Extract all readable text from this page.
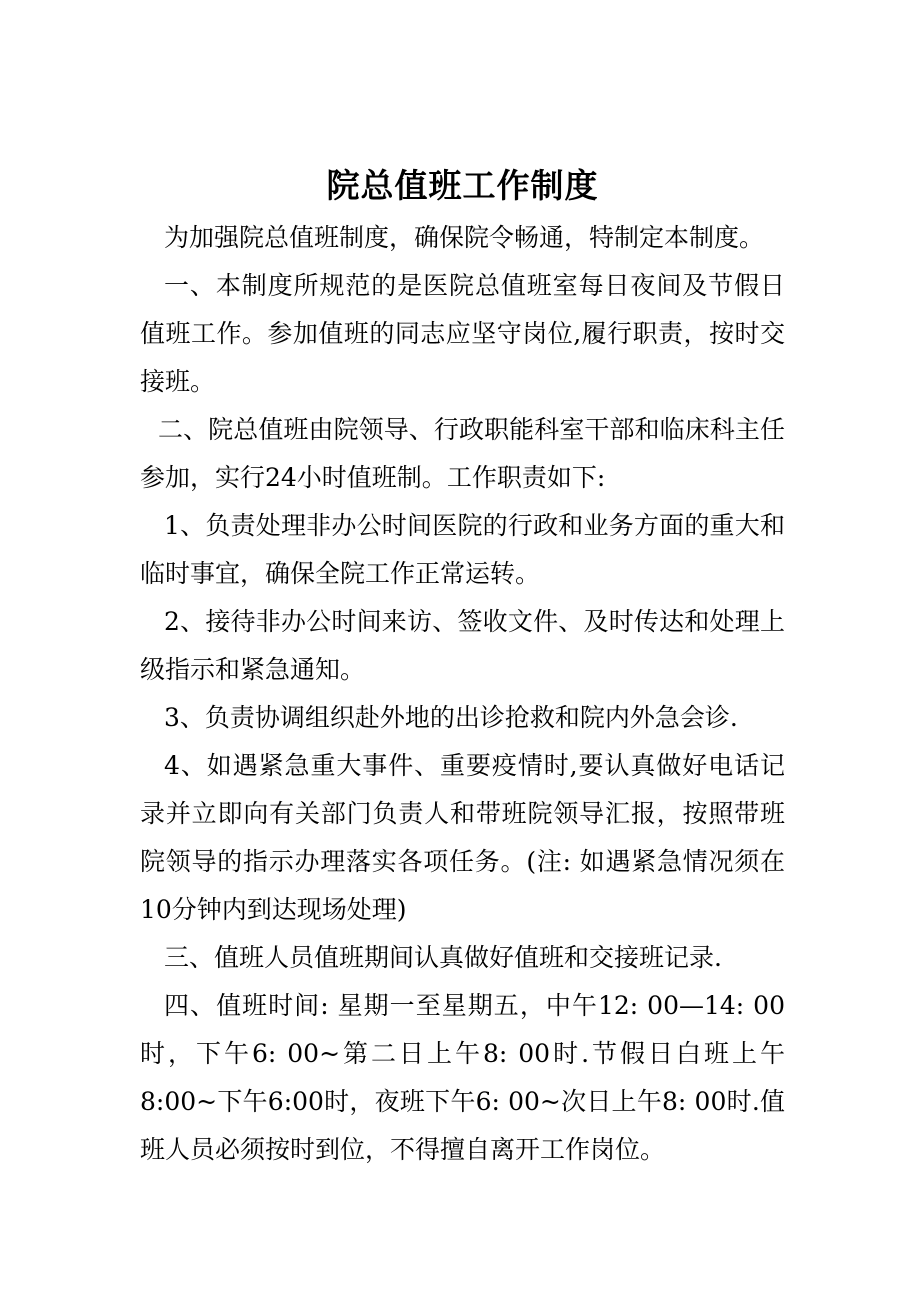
院总值班工作制度

为加强院总值班制度，确保院令畅通，特制定本制度。

一、本制度所规范的是医院总值班室每日夜间及节假日值班工作。参加值班的同志应坚守岗位,履行职责，按时交接班。

二、院总值班由院领导、行政职能科室干部和临床科主任参加，实行24小时值班制。工作职责如下:

1、负责处理非办公时间医院的行政和业务方面的重大和临时事宜，确保全院工作正常运转。

2、接待非办公时间来访、签收文件、及时传达和处理上级指示和紧急通知。

3、负责协调组织赴外地的出诊抢救和院内外急会诊.

4、如遇紧急重大事件、重要疫情时,要认真做好电话记录并立即向有关部门负责人和带班院领导汇报，按照带班院领导的指示办理落实各项任务。(注: 如遇紧急情况须在10分钟内到达现场处理)

三、值班人员值班期间认真做好值班和交接班记录.

四、值班时间: 星期一至星期五，中午12: 00—14: 00时，下午6: 00~第二日上午8: 00时.节假日白班上午8:00~下午6:00时，夜班下午6: 00~次日上午8: 00时.值班人员必须按时到位，不得擅自离开工作岗位。
